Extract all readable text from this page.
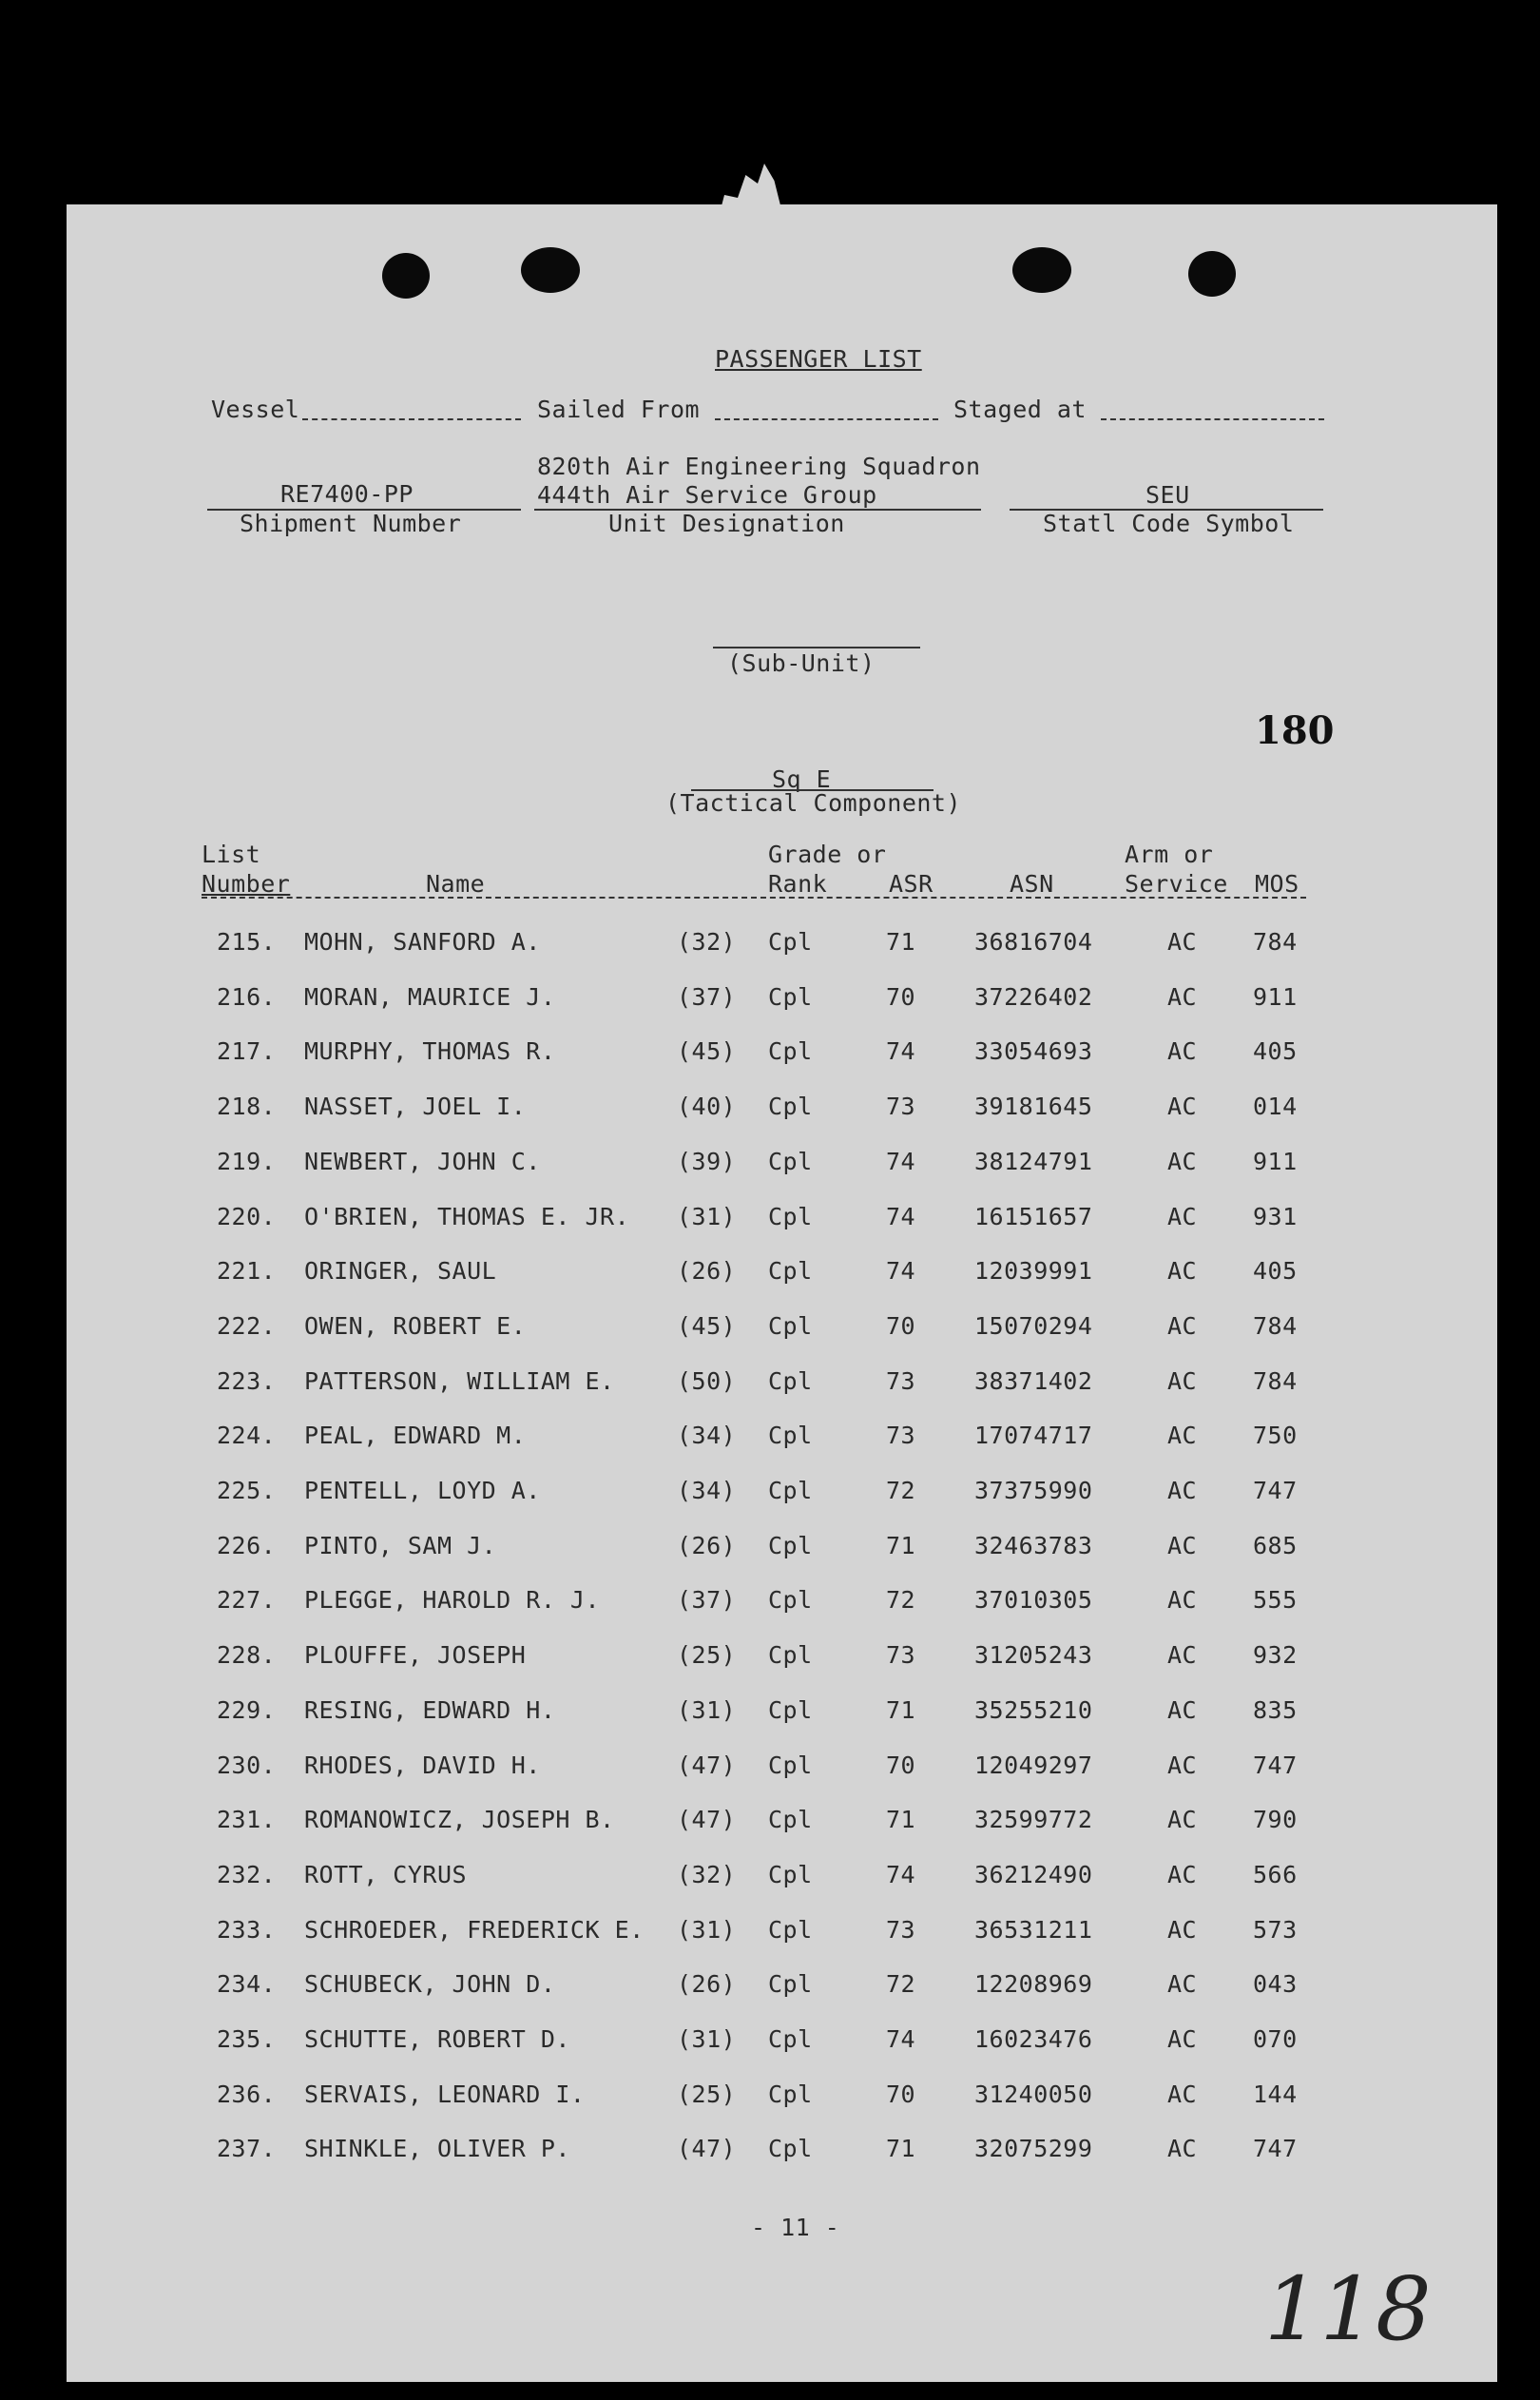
PASSENGER LIST
Vessel	Sailed From	Staged at
820th Air Engineering Squadron
RE7400-PP	444th Air Service Group	SEU
Shipment Number	Unit Designation	Statl Code Symbol
(Sub-Unit)
180
Sq E
(Tactical Component)
List	Grade or	Arm or
Number	Name	Rank	ASR	ASN	Service MOS
215. MOHN, SANFORD A.	(32) Cpl	71 36816704	AC 784
216. MORAN, MAURICE J.	(37) Cpl	70 37226402	AC 911
217. MURPHY, THOMAS R.	(45) Cpl	74 33054693	AC 405
218. NASSET, JOEL I.	(40) Cpl	73 39181645	AC 014
219. NEWBERT, JOHN C.	(39) Cpl	74 38124791	AC 911
220. O'BRIEN, THOMAS E. JR. (31) Cpl	74 16151657	AC 931
221. ORINGER, SAUL	(26) Cpl	74 12039991	AC 405
222. OWEN, ROBERT E.	(45) Cpl	70 15070294	AC 784
223. PATTERSON, WILLIAM E.	(50) Cpl	73 38371402	AC 784
224. PEAL, EDWARD M.	(34) Cpl	73 17074717	AC 750
225. PENTELL, LOYD A.	(34) Cpl	72 37375990	AC 747
226. PINTO, SAM J.	(26) Cpl	71 32463783	AC 685
227. PLEGGE, HAROLD R. J.	(37) Cpl	72 37010305	AC 555
228. PLOUFFE, JOSEPH	(25) Cpl	73 31205243	AC 932
229. RESING, EDWARD H.	(31) Cpl	71 35255210	AC 835
230. RHODES, DAVID H.	(47) Cpl	70 12049297	AC 747
231. ROMANOWICZ, JOSEPH B.	(47) Cpl	71 32599772	AC 790
232. ROTT, CYRUS	(32) Cpl	74 36212490	AC 566
233. SCHROEDER, FREDERICK E. (31) Cpl	73 36531211	AC 573
234. SCHUBECK, JOHN D.	(26) Cpl	72 12208969	AC 043
235. SCHUTTE, ROBERT D.	(31) Cpl	74 16023476	AC 070
236. SERVAIS, LEONARD I.	(25) Cpl	70 31240050	AC 144
237. SHINKLE, OLIVER P.	(47) Cpl	71 32075299	AC 747
- 11 -
118
